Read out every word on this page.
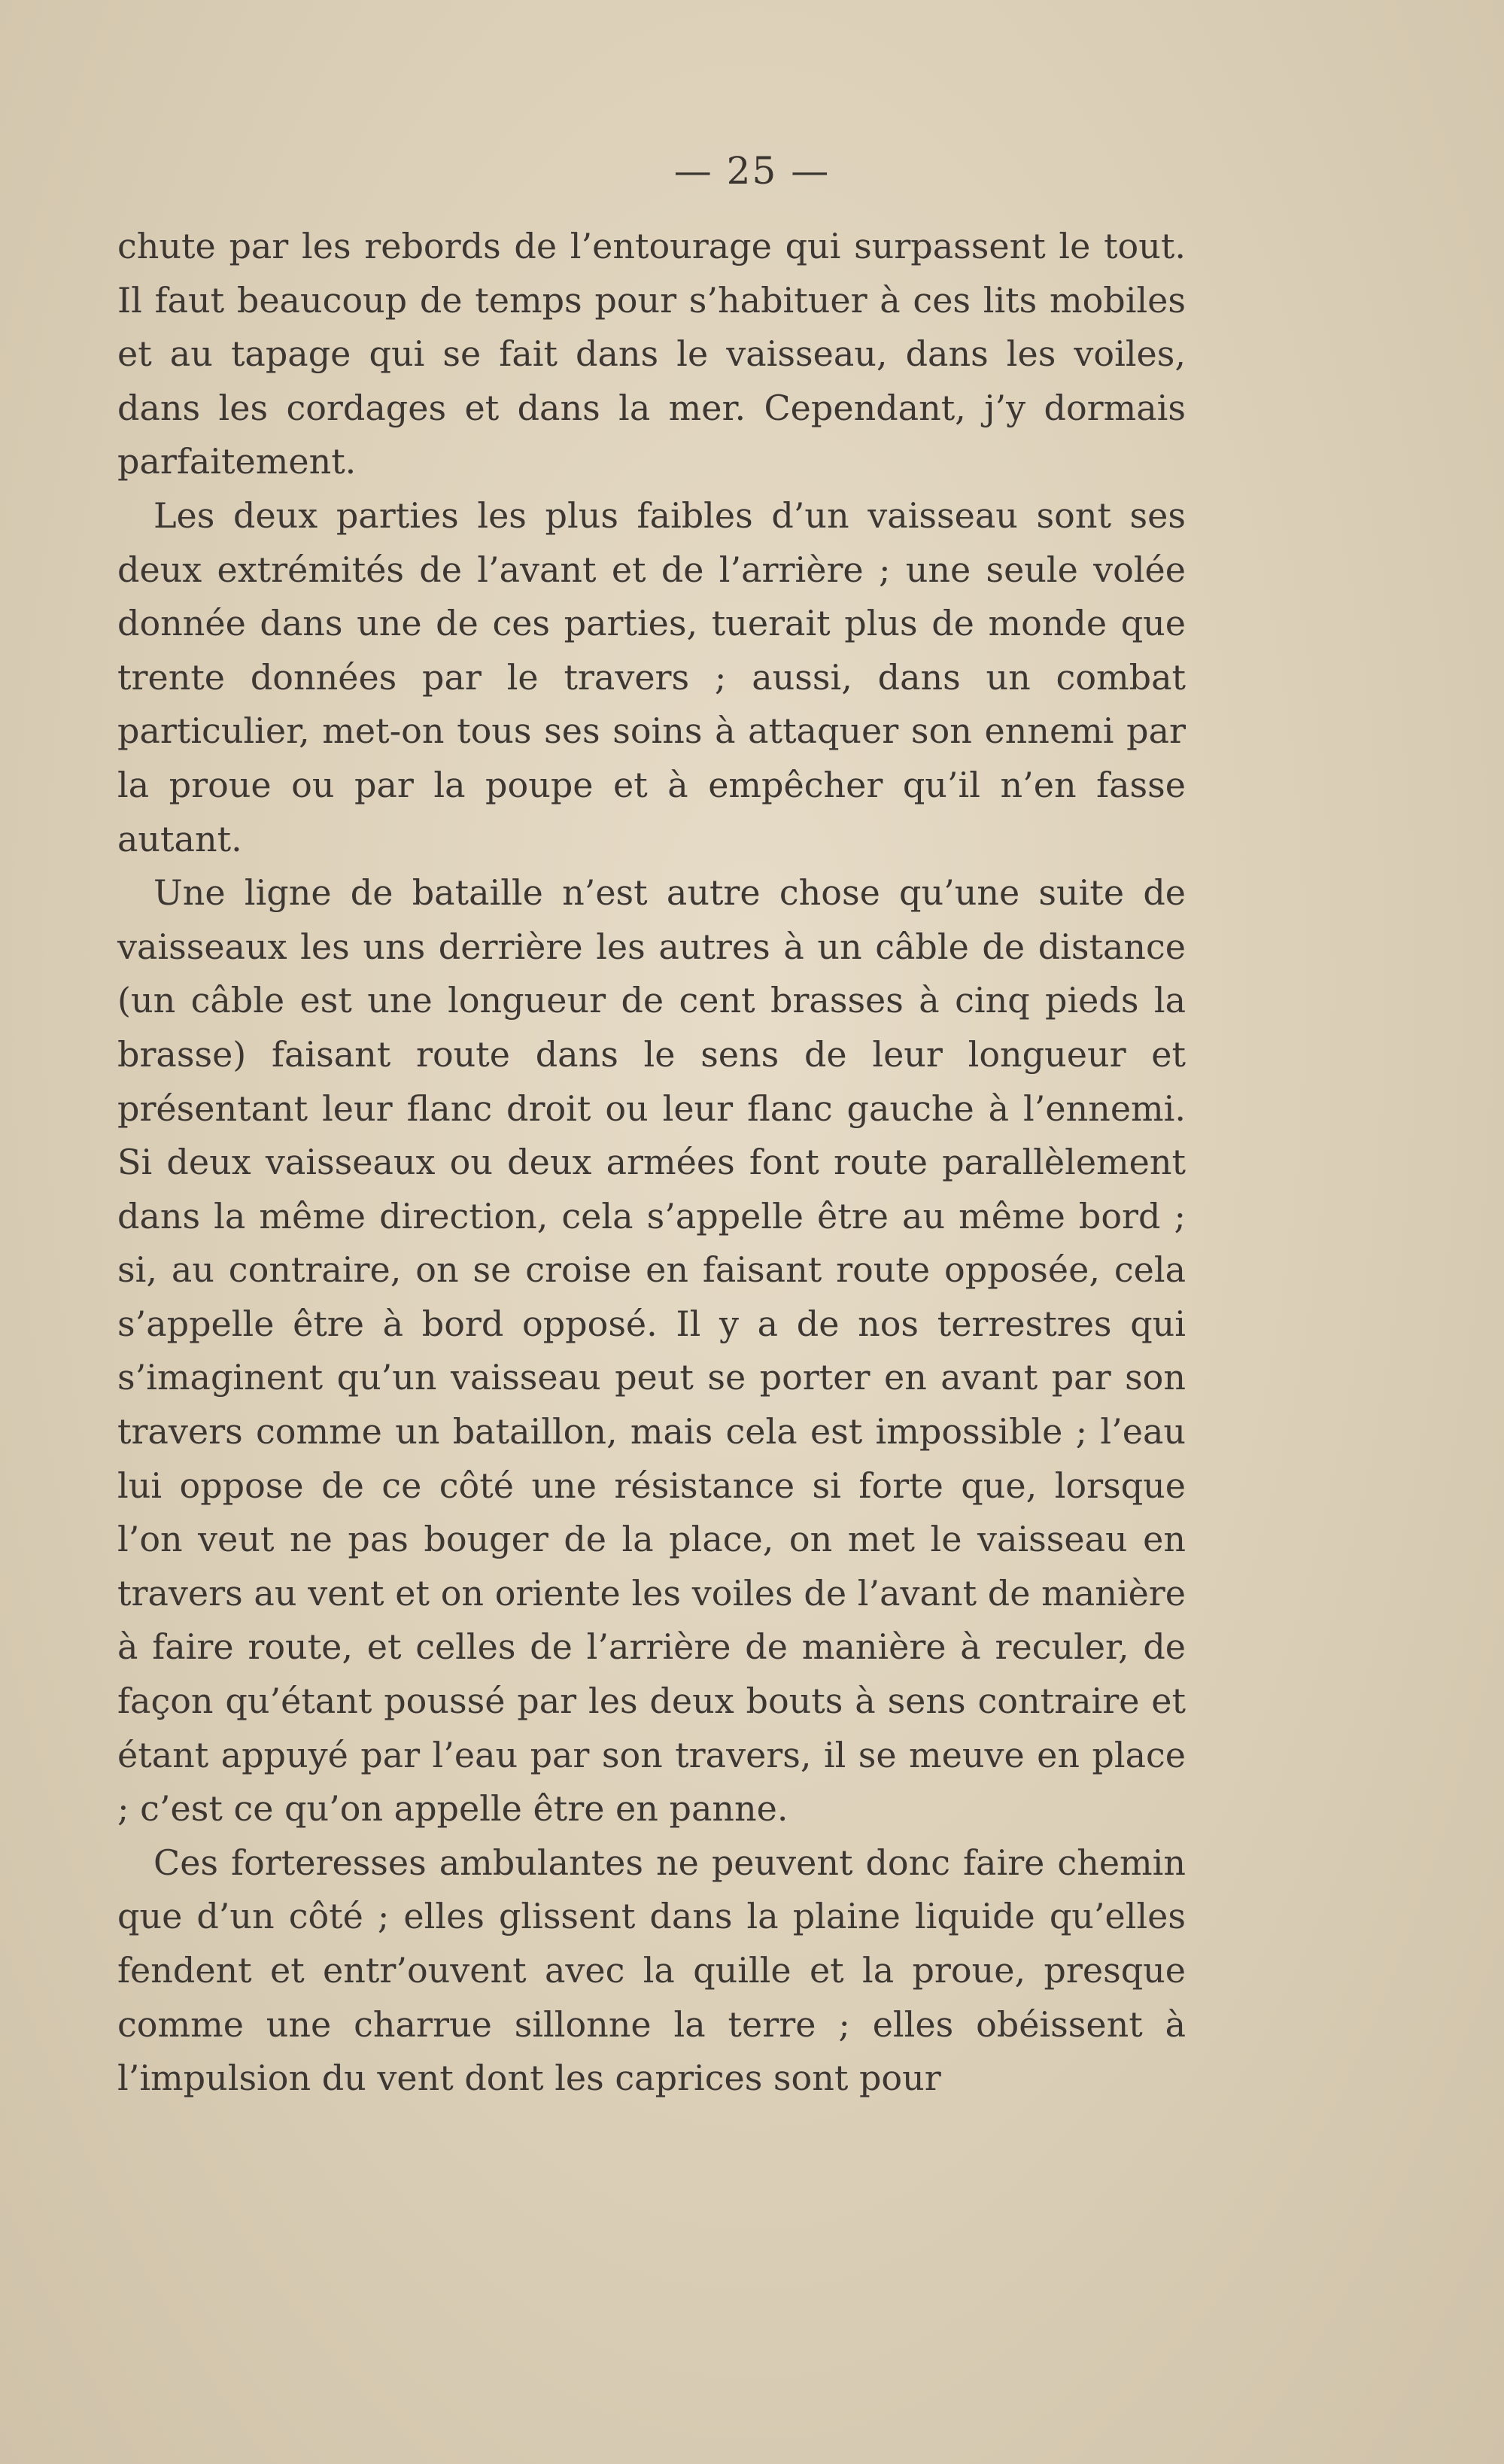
— 25 —

chute par les rebords de l’entourage qui surpassent le tout. Il faut beaucoup de temps pour s’habituer à ces lits mobiles et au tapage qui se fait dans le vaisseau, dans les voiles, dans les cordages et dans la mer. Cependant, j’y dormais parfaitement.

Les deux parties les plus faibles d’un vaisseau sont ses deux extrémités de l’avant et de l’arrière ; une seule volée donnée dans une de ces parties, tuerait plus de monde que trente données par le travers ; aussi, dans un combat particulier, met-on tous ses soins à attaquer son ennemi par la proue ou par la poupe et à empêcher qu’il n’en fasse autant.

Une ligne de bataille n’est autre chose qu’une suite de vaisseaux les uns derrière les autres à un câble de distance (un câble est une longueur de cent brasses à cinq pieds la brasse) faisant route dans le sens de leur longueur et présentant leur flanc droit ou leur flanc gauche à l’ennemi. Si deux vaisseaux ou deux armées font route parallèlement dans la même direction, cela s’appelle être au même bord ; si, au contraire, on se croise en faisant route opposée, cela s’appelle être à bord opposé. Il y a de nos terrestres qui s’imaginent qu’un vaisseau peut se porter en avant par son travers comme un bataillon, mais cela est impossible ; l’eau lui oppose de ce côté une résistance si forte que, lorsque l’on veut ne pas bouger de la place, on met le vaisseau en travers au vent et on oriente les voiles de l’avant de manière à faire route, et celles de l’arrière de manière à reculer, de façon qu’étant poussé par les deux bouts à sens contraire et étant appuyé par l’eau par son travers, il se meuve en place ; c’est ce qu’on appelle être en panne.

Ces forteresses ambulantes ne peuvent donc faire chemin que d’un côté ; elles glissent dans la plaine liquide qu’elles fendent et entr’ouvent avec la quille et la proue, presque comme une charrue sillonne la terre ; elles obéissent à l’impulsion du vent dont les caprices sont pour
